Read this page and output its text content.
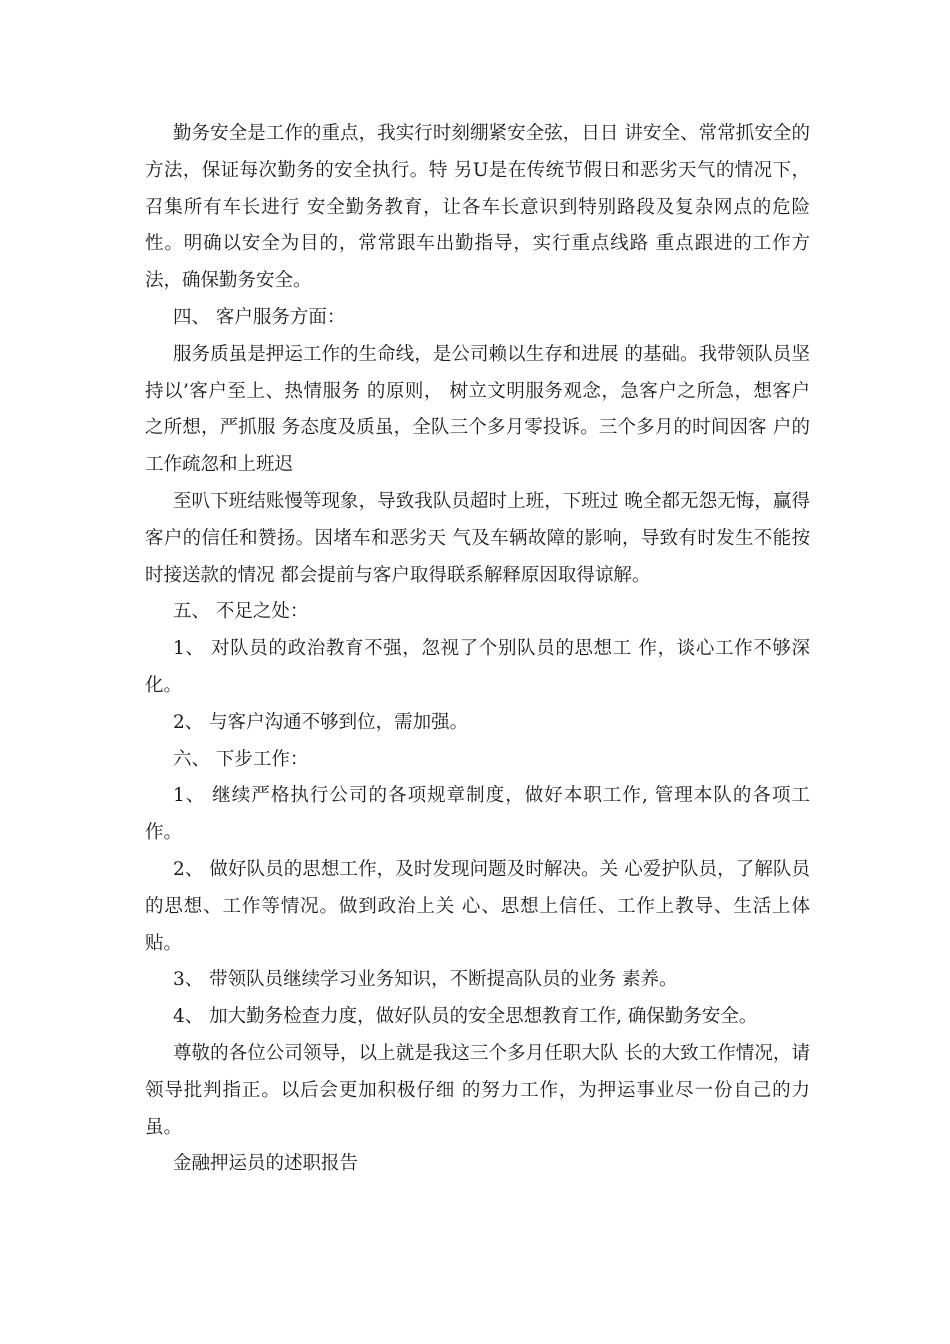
勤务安全是工作的重点，我实行时刻绷紧安全弦，日日 讲安全、常常抓安全的方法，保证每次勤务的安全执行。特 另U是在传统节假日和恶劣天气的情况下，召集所有车长进行 安全勤务教育，让各车长意识到特别路段及复杂网点的危险 性。明确以安全为目的，常常跟车出勤指导，实行重点线路 重点跟进的工作方法，确保勤务安全。

四、 客户服务方面：

服务质虽是押运工作的生命线，是公司赖以生存和进展 的基础。我带领队员坚持以’客户至上、热情服务 的原则， 树立文明服务观念，急客户之所急，想客户之所想，严抓服 务态度及质虽，全队三个多月零投诉。三个多月的时间因客 户的工作疏忽和上班迟

至叭下班结账慢等现象，导致我队员超时上班，下班过 晚全都无怨无悔，赢得客户的信任和赞扬。因堵车和恶劣天 气及车辆故障的影响，导致有时发生不能按时接送款的情况 都会提前与客户取得联系解释原因取得谅解。

五、 不足之处：

1、 对队员的政治教育不强，忽视了个别队员的思想工 作，谈心工作不够深化。

2、 与客户沟通不够到位，需加强。

六、 下步工作：

1、 继续严格执行公司的各项规章制度，做好本职工作, 管理本队的各项工作。

2、 做好队员的思想工作，及时发现问题及时解决。关 心爱护队员，了解队员的思想、工作等情况。做到政治上关 心、思想上信任、工作上教导、生活上体贴。

3、 带领队员继续学习业务知识，不断提高队员的业务 素养。

4、 加大勤务检查力度，做好队员的安全思想教育工作, 确保勤务安全。

尊敬的各位公司领导，以上就是我这三个多月任职大队 长的大致工作情况，请领导批判指正。以后会更加积极仔细 的努力工作，为押运事业尽一份自己的力虽。

金融押运员的述职报告
